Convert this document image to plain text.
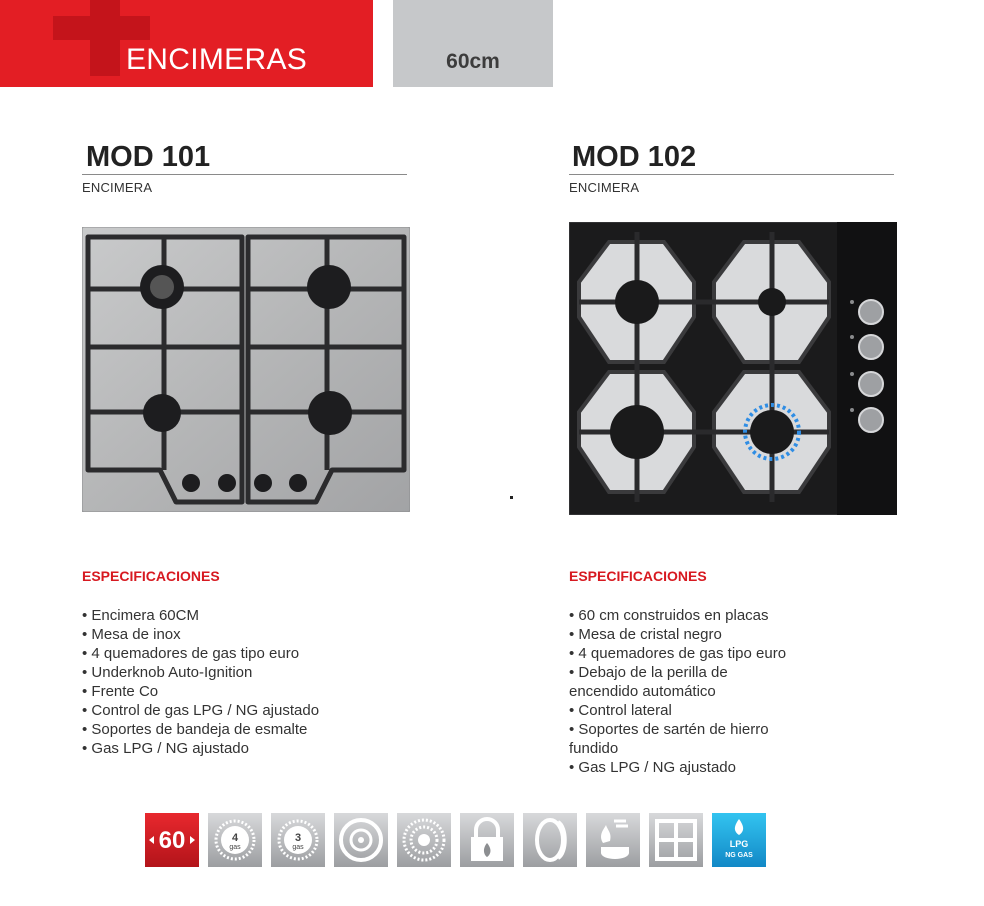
ENCIMERAS	60cm
MOD 101
ENCIMERA
ESPECIFICACIONES
• Encimera 60CM
• Mesa de inox
• 4 quemadores de gas tipo euro
• Underknob Auto-Ignition
• Frente Co
• Control de gas LPG / NG ajustado
• Soportes de bandeja de esmalte
• Gas LPG / NG ajustado
MOD 102
ENCIMERA
ESPECIFICACIONES
• 60 cm construidos en placas
• Mesa de cristal negro
• 4 quemadores de gas tipo euro
• Debajo de la perilla de
encendido automático
• Control lateral
• Soportes de sartén de hierro
fundido
• Gas LPG / NG ajustado
60	4
gas
3
gas	LPG
NG GAS
